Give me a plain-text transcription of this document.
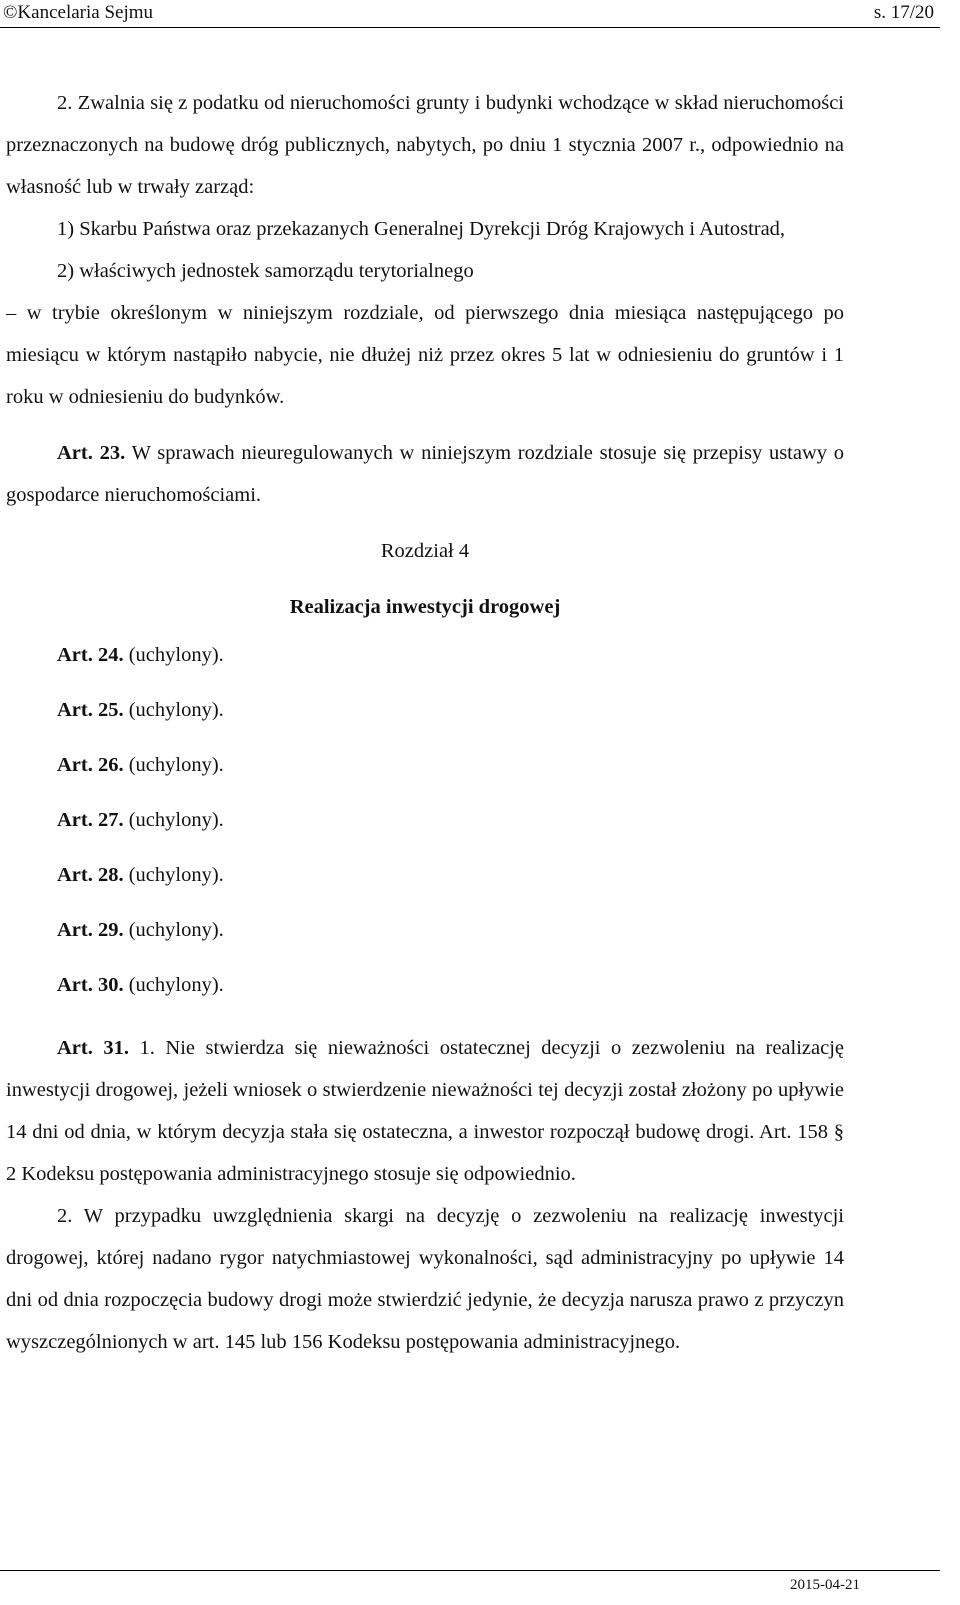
©Kancelaria Sejmu	s. 17/20

2. Zwalnia się z podatku od nieruchomości grunty i budynki wchodzące w skład nieruchomości przeznaczonych na budowę dróg publicznych, nabytych, po dniu 1 stycznia 2007 r., odpowiednio na własność lub w trwały zarząd:

1) Skarbu Państwa oraz przekazanych Generalnej Dyrekcji Dróg Krajowych i Autostrad,

2) właściwych jednostek samorządu terytorialnego

– w trybie określonym w niniejszym rozdziale, od pierwszego dnia miesiąca następującego po miesiącu w którym nastąpiło nabycie, nie dłużej niż przez okres 5 lat w odniesieniu do gruntów i 1 roku w odniesieniu do budynków.

Art. 23. W sprawach nieuregulowanych w niniejszym rozdziale stosuje się przepisy ustawy o gospodarce nieruchomościami.

Rozdział 4

Realizacja inwestycji drogowej

Art. 24. (uchylony).

Art. 25. (uchylony).

Art. 26. (uchylony).

Art. 27. (uchylony).

Art. 28. (uchylony).

Art. 29. (uchylony).

Art. 30. (uchylony).

Art. 31. 1. Nie stwierdza się nieważności ostatecznej decyzji o zezwoleniu na realizację inwestycji drogowej, jeżeli wniosek o stwierdzenie nieważności tej decyzji został złożony po upływie 14 dni od dnia, w którym decyzja stała się ostateczna, a inwestor rozpoczął budowę drogi. Art. 158 § 2 Kodeksu postępowania administracyjnego stosuje się odpowiednio.

2. W przypadku uwzględnienia skargi na decyzję o zezwoleniu na realizację inwestycji drogowej, której nadano rygor natychmiastowej wykonalności, sąd administracyjny po upływie 14 dni od dnia rozpoczęcia budowy drogi może stwierdzić jedynie, że decyzja narusza prawo z przyczyn wyszczególnionych w art. 145 lub 156 Kodeksu postępowania administracyjnego.

2015-04-21
